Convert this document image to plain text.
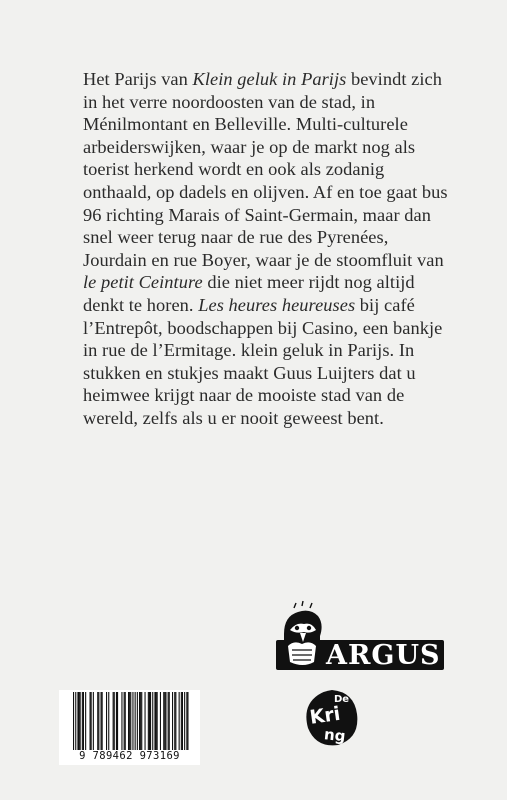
Het Parijs van Klein geluk in Parijs bevindt zich
in het verre noordoosten van de stad, in
Ménilmontant en Belleville. Multi-culturele
arbeiderswijken, waar je op de markt nog als
toerist herkend wordt en ook als zodanig
onthaald, op dadels en olijven. Af en toe gaat bus
96 richting Marais of Saint-Germain, maar dan
snel weer terug naar de rue des Pyrenées,
Jourdain en rue Boyer, waar je de stoomfluit van
le petit Ceinture die niet meer rijdt nog altijd
denkt te horen. Les heures heureuses bij café
l’Entrepôt, boodschappen bij Casino, een bankje
in rue de l’Ermitage. klein geluk in Parijs. In
stukken en stukjes maakt Guus Luijters dat u
heimwee krijgt naar de mooiste stad van de
wereld, zelfs als u er nooit geweest bent.

ARGUS
9 789462 973169
De
Kri
ng
